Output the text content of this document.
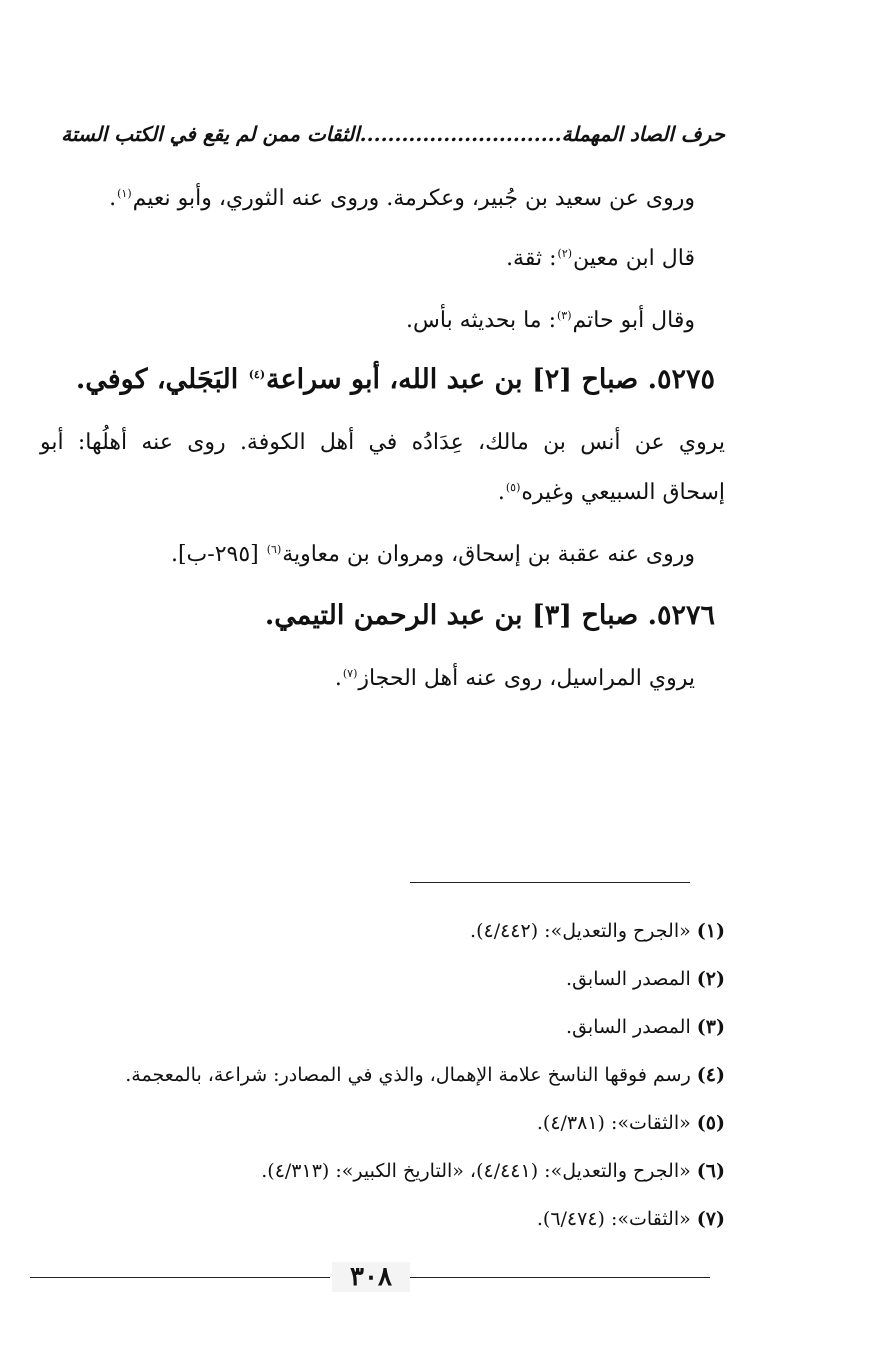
حرف الصاد المهملة.............................الثقات ممن لم يقع في الكتب الستة
وروى عن سعيد بن جُبير، وعكرمة. وروى عنه الثوري، وأبو نعيم$^{(١)}$.
قال ابن معين$^{(٢)}$: ثقة.
وقال أبو حاتم$^{(٣)}$: ما بحديثه بأس.
٥٢٧٥. صباح [٢] بن عبد الله، أبو سراعة$^{(٤)}$ البَجَلي، كوفي.
يروي عن أنس بن مالك، عِدَادُه في أهل الكوفة. روى عنه أهلُها: أبو
إسحاق السبيعي وغيره$^{(٥)}$.
وروى عنه عقبة بن إسحاق، ومروان بن معاوية$^{(٦)}$ [٢٩٥-ب].
٥٢٧٦. صباح [٣] بن عبد الرحمن التيمي.
يروي المراسيل، روى عنه أهل الحجاز$^{(٧)}$.
(١) «الجرح والتعديل»: (٤/٤٤٢).
(٢) المصدر السابق.
(٣) المصدر السابق.
(٤) رسم فوقها الناسخ علامة الإهمال، والذي في المصادر: شراعة، بالمعجمة.
(٥) «الثقات»: (٤/٣٨١).
(٦) «الجرح والتعديل»: (٤/٤٤١)، «التاريخ الكبير»: (٤/٣١٣).
(٧) «الثقات»: (٦/٤٧٤).
٣٠٨
